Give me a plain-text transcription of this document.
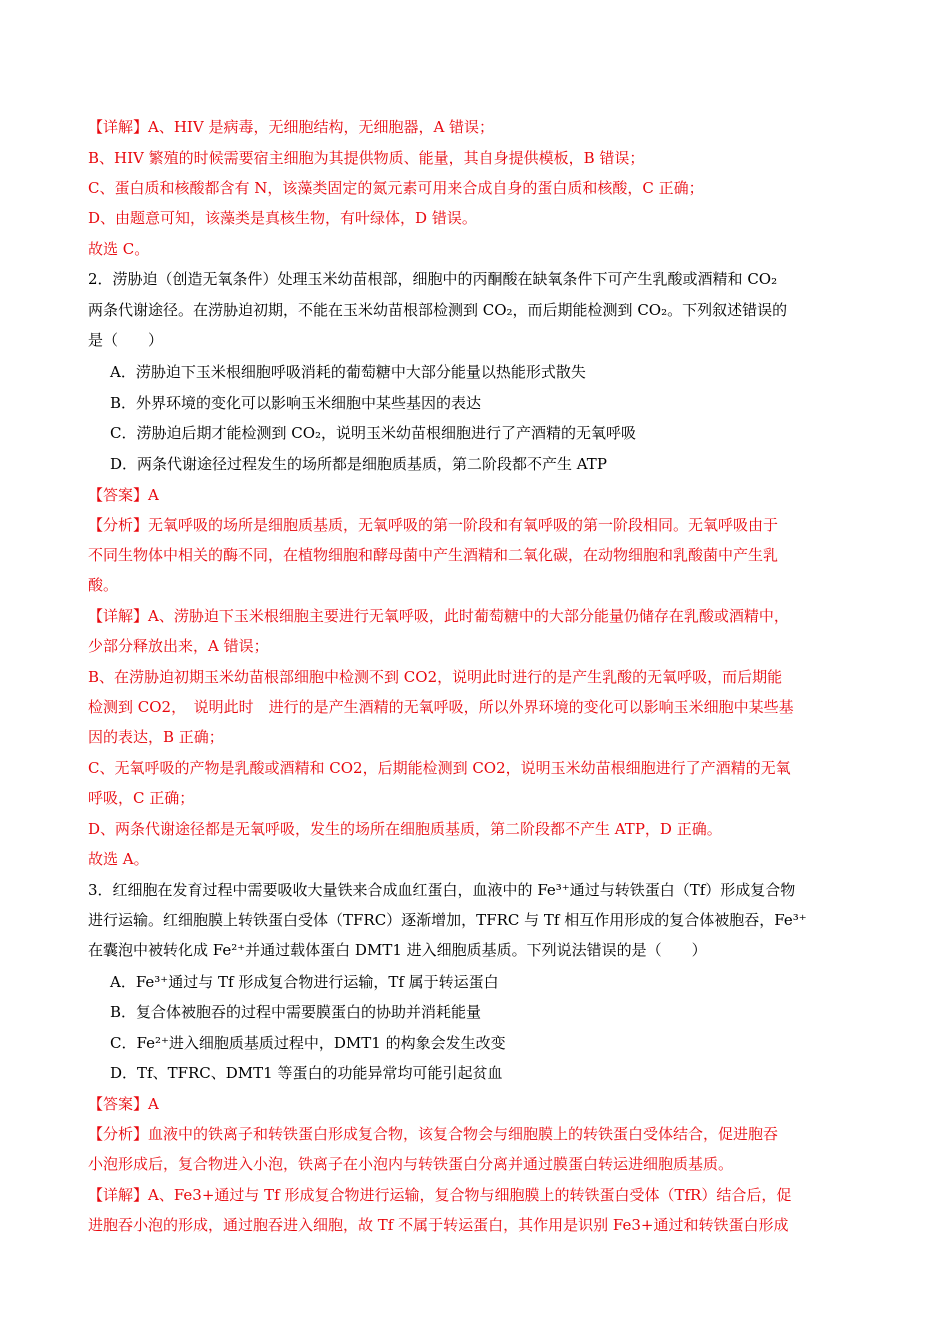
【详解】A、HIV 是病毒，无细胞结构，无细胞器，A 错误；
B、HIV 繁殖的时候需要宿主细胞为其提供物质、能量，其自身提供模板，B 错误；
C、蛋白质和核酸都含有 N，该藻类固定的氮元素可用来合成自身的蛋白质和核酸，C 正确；
D、由题意可知，该藻类是真核生物，有叶绿体，D 错误。
故选 C。
2．涝胁迫（创造无氧条件）处理玉米幼苗根部，细胞中的丙酮酸在缺氧条件下可产生乳酸或酒精和 CO₂
两条代谢途径。在涝胁迫初期，不能在玉米幼苗根部检测到 CO₂，而后期能检测到 CO₂。下列叙述错误的
是（　　）
A．涝胁迫下玉米根细胞呼吸消耗的葡萄糖中大部分能量以热能形式散失
B．外界环境的变化可以影响玉米细胞中某些基因的表达
C．涝胁迫后期才能检测到 CO₂，说明玉米幼苗根细胞进行了产酒精的无氧呼吸
D．两条代谢途径过程发生的场所都是细胞质基质，第二阶段都不产生 ATP
【答案】A
【分析】无氧呼吸的场所是细胞质基质，无氧呼吸的第一阶段和有氧呼吸的第一阶段相同。无氧呼吸由于
不同生物体中相关的酶不同，在植物细胞和酵母菌中产生酒精和二氧化碳，在动物细胞和乳酸菌中产生乳
酸。
【详解】A、涝胁迫下玉米根细胞主要进行无氧呼吸，此时葡萄糖中的大部分能量仍储存在乳酸或酒精中，
少部分释放出来，A 错误；
B、在涝胁迫初期玉米幼苗根部细胞中检测不到 CO2，说明此时进行的是产生乳酸的无氧呼吸，而后期能
检测到 CO2，　说明此时　进行的是产生酒精的无氧呼吸，所以外界环境的变化可以影响玉米细胞中某些基
因的表达，B 正确；
C、无氧呼吸的产物是乳酸或酒精和 CO2，后期能检测到 CO2，说明玉米幼苗根细胞进行了产酒精的无氧
呼吸，C 正确；
D、两条代谢途径都是无氧呼吸，发生的场所在细胞质基质，第二阶段都不产生 ATP，D 正确。
故选 A。
3．红细胞在发育过程中需要吸收大量铁来合成血红蛋白，血液中的 Fe³⁺通过与转铁蛋白（Tf）形成复合物
进行运输。红细胞膜上转铁蛋白受体（TFRC）逐渐增加，TFRC 与 Tf 相互作用形成的复合体被胞吞，Fe³⁺
在囊泡中被转化成 Fe²⁺并通过载体蛋白 DMT1 进入细胞质基质。下列说法错误的是（　　）
A．Fe³⁺通过与 Tf 形成复合物进行运输，Tf 属于转运蛋白
B．复合体被胞吞的过程中需要膜蛋白的协助并消耗能量
C．Fe²⁺进入细胞质基质过程中，DMT1 的构象会发生改变
D．Tf、TFRC、DMT1 等蛋白的功能异常均可能引起贫血
【答案】A
【分析】血液中的铁离子和转铁蛋白形成复合物，该复合物会与细胞膜上的转铁蛋白受体结合，促进胞吞
小泡形成后，复合物进入小泡，铁离子在小泡内与转铁蛋白分离并通过膜蛋白转运进细胞质基质。
【详解】A、Fe3+通过与 Tf 形成复合物进行运输，复合物与细胞膜上的转铁蛋白受体（TfR）结合后，促
进胞吞小泡的形成，通过胞吞进入细胞，故 Tf 不属于转运蛋白，其作用是识别 Fe3+通过和转铁蛋白形成
